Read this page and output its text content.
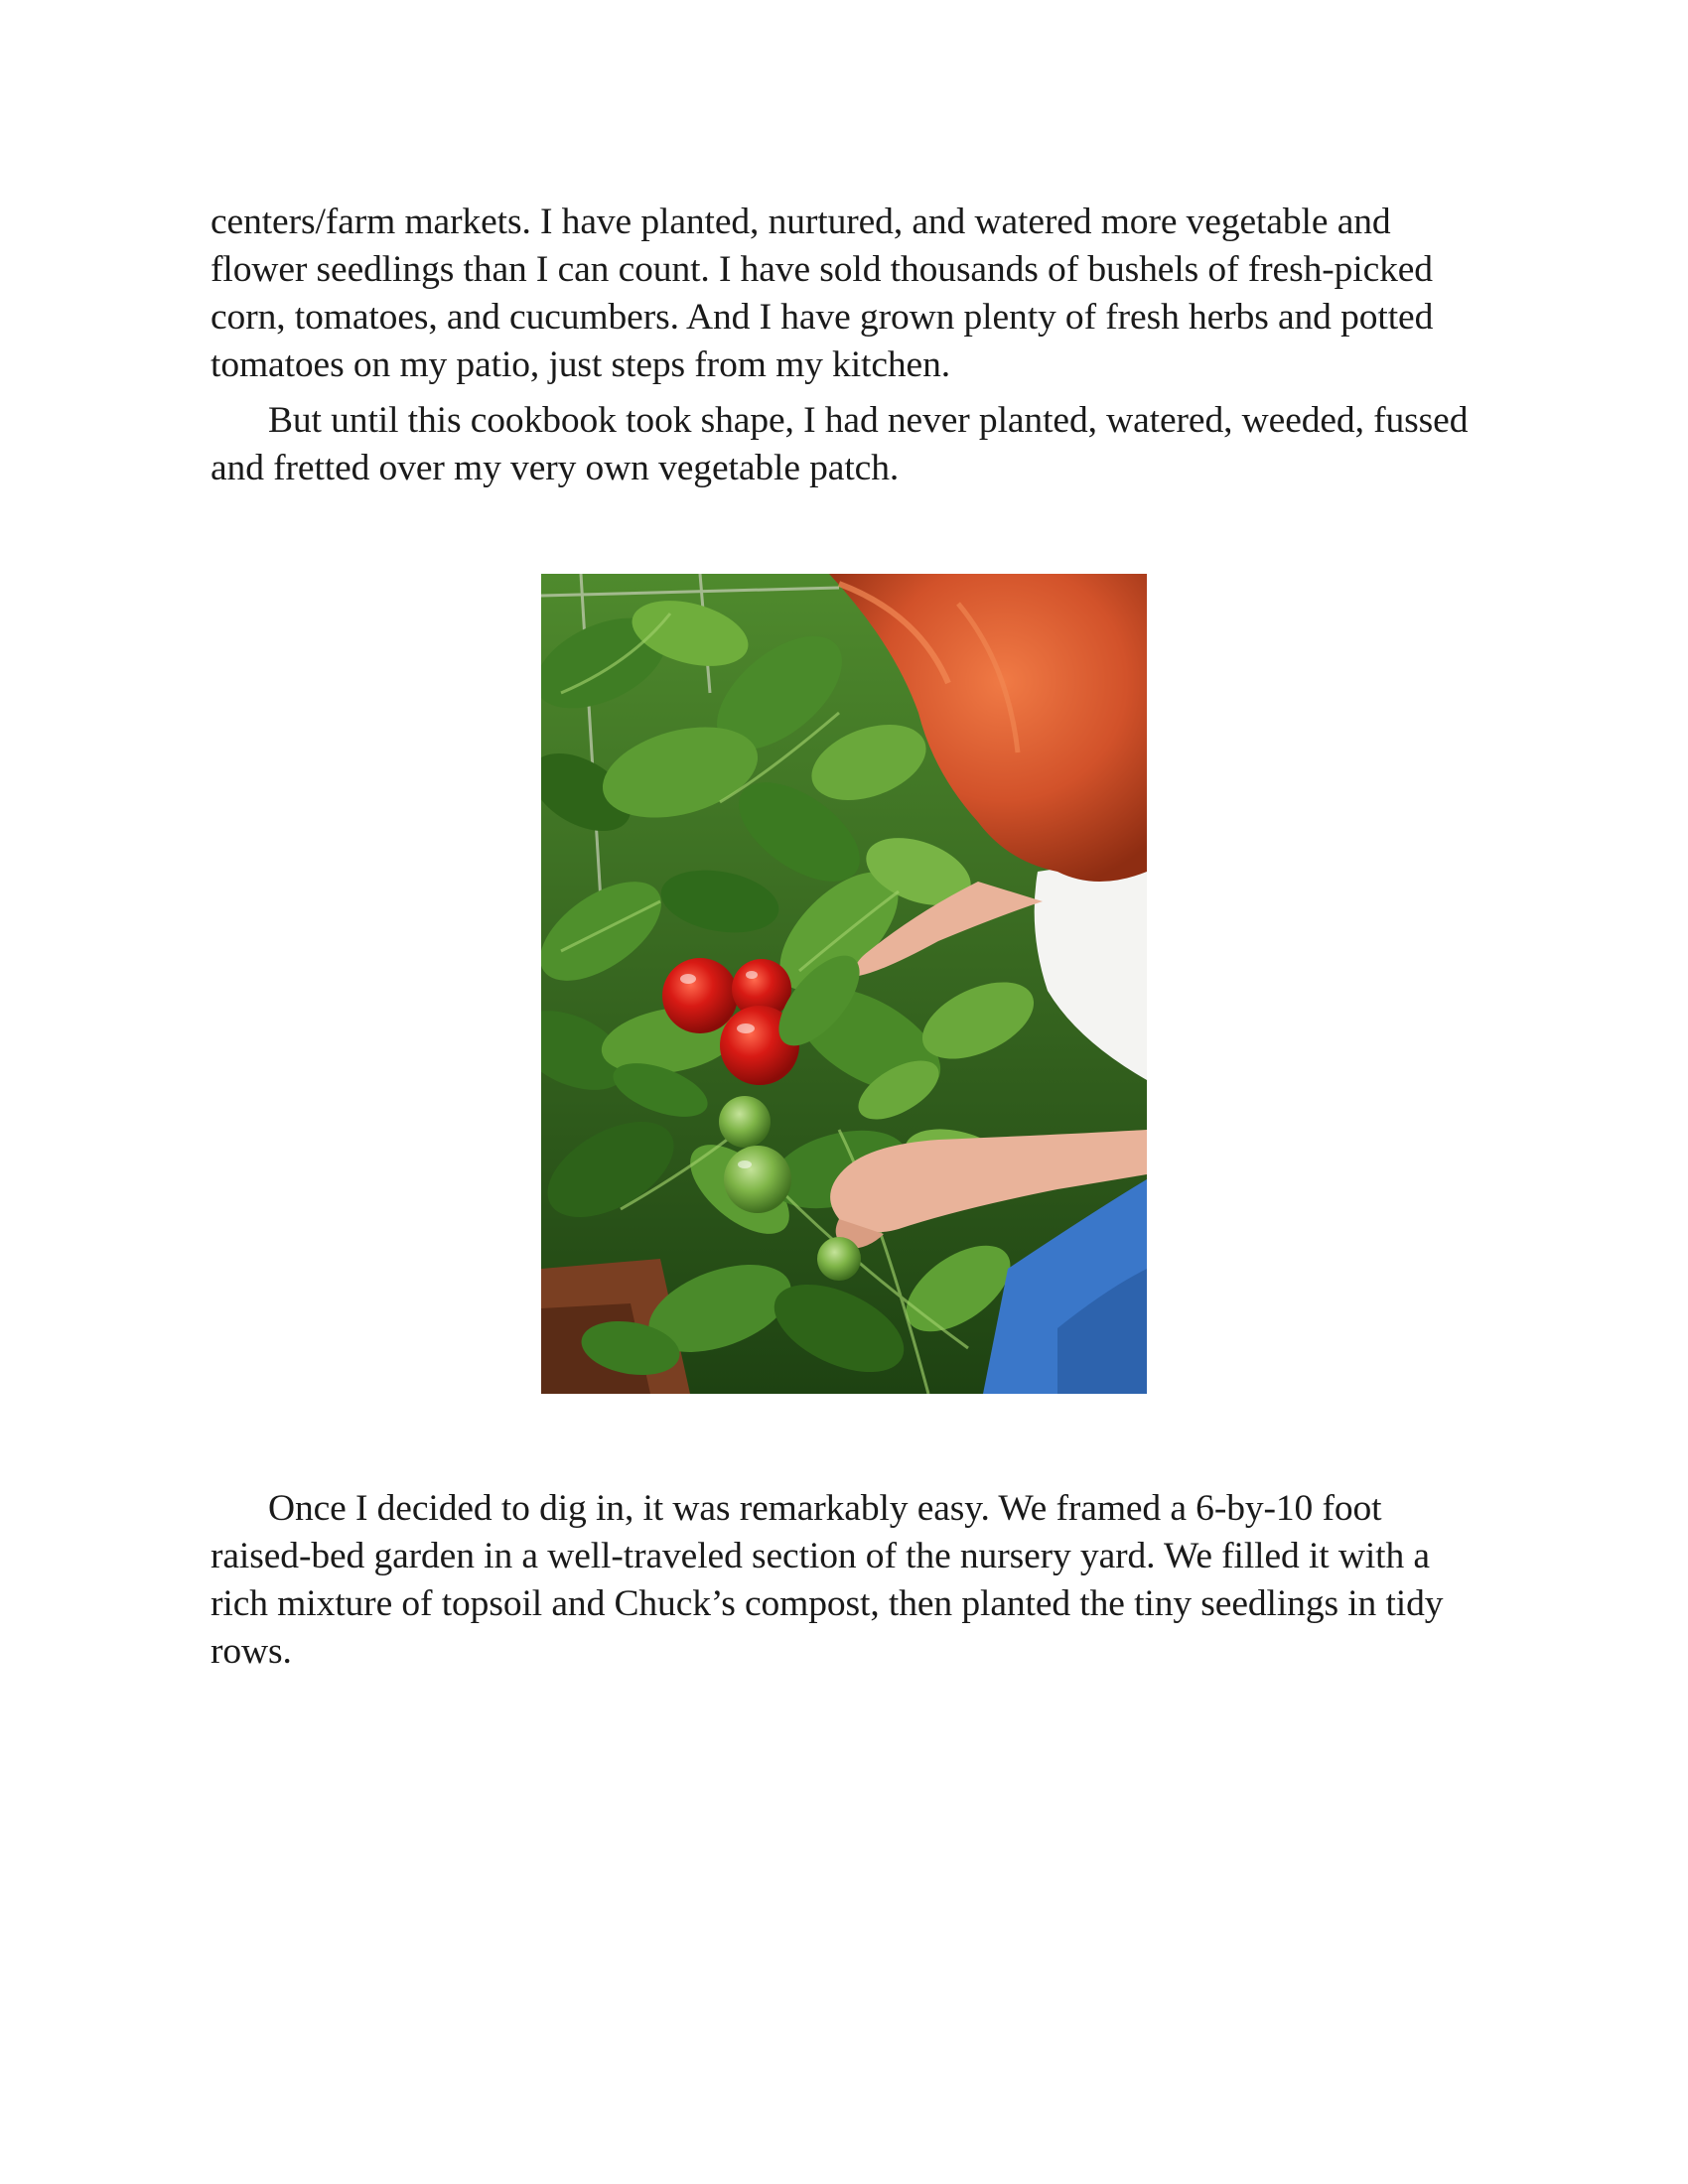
centers/farm markets. I have planted, nurtured, and watered more vegetable and flower seedlings than I can count. I have sold thousands of bushels of fresh-picked corn, tomatoes, and cucumbers. And I have grown plenty of fresh herbs and potted tomatoes on my patio, just steps from my kitchen.

But until this cookbook took shape, I had never planted, watered, weeded, fussed and fretted over my very own vegetable patch.

Once I decided to dig in, it was remarkably easy. We framed a 6-by-10 foot raised-bed garden in a well-traveled section of the nursery yard. We filled it with a rich mixture of topsoil and Chuck’s compost, then planted the tiny seedlings in tidy rows.
